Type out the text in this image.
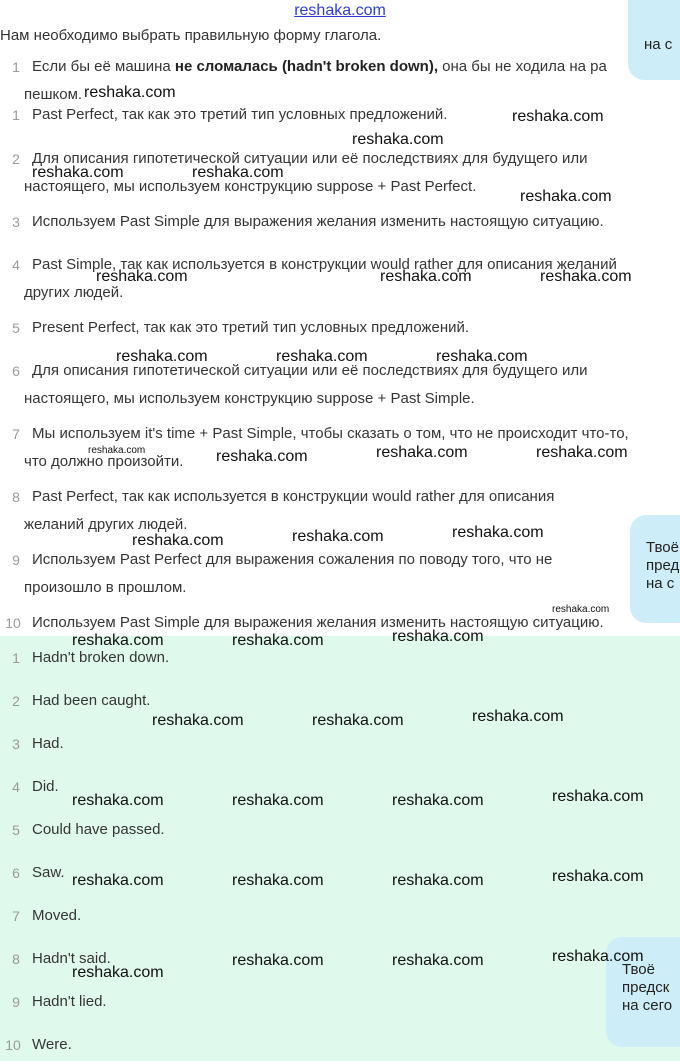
reshaka.com
Нам необходимо выбрать правильную форму глагола.
1 Если бы её машина не сломалась (hadn't broken down), она бы не ходила на ра
пешком.
1 Past Perfect, так как это третий тип условных предложений.
2 Для описания гипотетической ситуации или её последствиях для будущего или
настоящего, мы используем конструкцию suppose + Past Perfect.
3 Используем Past Simple для выражения желания изменить настоящую ситуацию.
4 Past Simple, так как используется в конструкции would rather для описания желаний
других людей.
5 Present Perfect, так как это третий тип условных предложений.
6 Для описания гипотетической ситуации или её последствиях для будущего или
настоящего, мы используем конструкцию suppose + Past Simple.
7 Мы используем it's time + Past Simple, чтобы сказать о том, что не происходит что-то,
что должно произойти.
8 Past Perfect, так как используется в конструкции would rather для описания
желаний других людей.
9 Используем Past Perfect для выражения сожаления по поводу того, что не
произошло в прошлом.
10 Используем Past Simple для выражения желания изменить настоящую ситуацию.
1 Hadn't broken down.
2 Had been caught.
3 Had.
4 Did.
5 Could have passed.
6 Saw.
7 Moved.
8 Hadn't said.
9 Hadn't lied.
10 Were.
на с
Твоё
пред
на с
Твоё
предск
на сего
reshaka.com
reshaka.com
reshaka.com
reshaka.com	reshaka.com
reshaka.com
reshaka.com	reshaka.com	reshaka.com
reshaka.com	reshaka.com	reshaka.com
reshaka.com	reshaka.com	reshaka.com
reshaka.com	reshaka.com	reshaka.com
reshaka.com	reshaka.com	reshaka.com
reshaka.com	reshaka.com	reshaka.com
reshaka.com	reshaka.com	reshaka.com	reshaka.com
reshaka.com	reshaka.com	reshaka.com	reshaka.com
reshaka.com
reshaka.com	reshaka.com	reshaka.com
reshaka.com
reshaka.com
